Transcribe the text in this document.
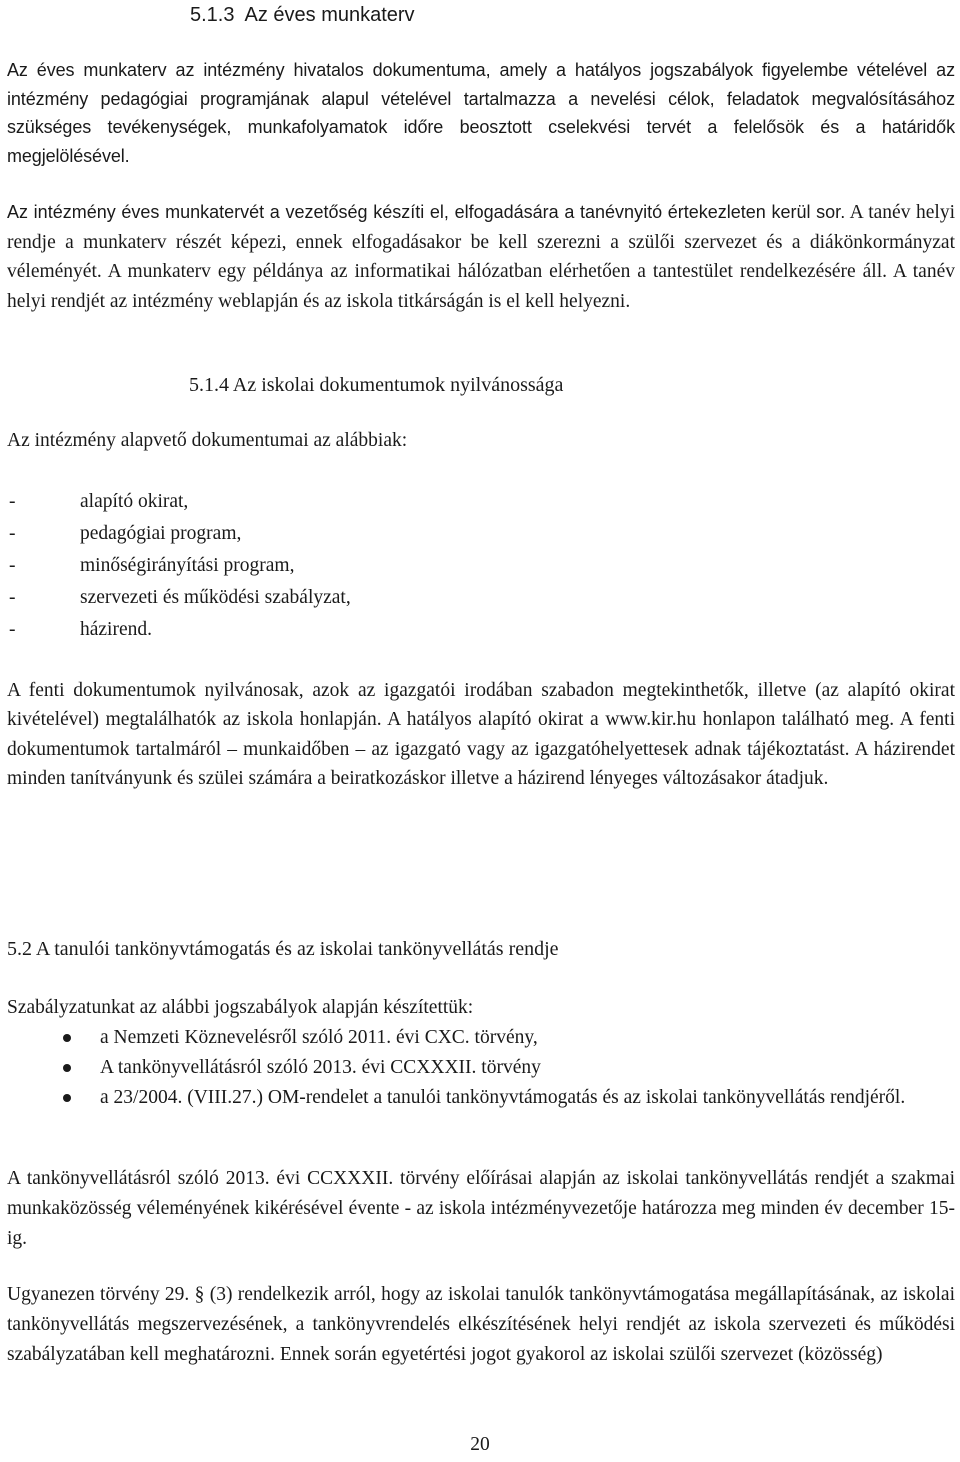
5.1.3  Az éves munkaterv

Az éves munkaterv az intézmény hivatalos dokumentuma, amely a hatályos jogszabályok figyelembe vételével az intézmény pedagógiai programjának alapul vételével tartalmazza a nevelési célok, feladatok megvalósításához szükséges tevékenységek, munkafolyamatok időre beosztott cselekvési tervét a felelősök és a határidők megjelölésével.

Az intézmény éves munkatervét a vezetőség készíti el, elfogadására a tanévnyitó értekezleten kerül sor. A tanév helyi rendje a munkaterv részét képezi, ennek elfogadásakor be kell szerezni a szülői szervezet és a diákönkormányzat véleményét. A munkaterv egy példánya az informatikai hálózatban elérhetően a tantestület rendelkezésére áll. A tanév helyi rendjét az intézmény weblapján és az iskola titkárságán is el kell helyezni.

5.1.4 Az iskolai dokumentumok nyilvánossága
Az intézmény alapvető dokumentumai az alábbiak:
-	alapító okirat,
-	pedagógiai program,
-	minőségirányítási program,
-	szervezeti és működési szabályzat,
-	házirend.

A fenti dokumentumok nyilvánosak, azok az igazgatói irodában szabadon megtekinthetők, illetve (az alapító okirat kivételével) megtalálhatók az iskola honlapján. A hatályos alapító okirat a www.kir.hu honlapon található meg. A fenti dokumentumok tartalmáról – munkaidőben – az igazgató vagy az igazgatóhelyettesek adnak tájékoztatást. A házirendet minden tanítványunk és szülei számára a beiratkozáskor illetve a házirend lényeges változásakor átadjuk.

5.2 A tanulói tankönyvtámogatás és az iskolai tankönyvellátás rendje
Szabályzatunkat az alábbi jogszabályok alapján készítettük:
a Nemzeti Köznevelésről szóló 2011. évi CXC. törvény,
A tankönyvellátásról szóló 2013. évi CCXXXII. törvény
a 23/2004. (VIII.27.) OM-rendelet a tanulói tankönyvtámogatás és az iskolai tankönyvellátás rendjéről.

A tankönyvellátásról szóló 2013. évi CCXXXII. törvény előírásai alapján az iskolai tankönyvellátás rendjét a szakmai munkaközösség véleményének kikérésével évente - az iskola intézményvezetője határozza meg minden év december 15-ig.

Ugyanezen törvény 29. § (3) rendelkezik arról, hogy az iskolai tanulók tankönyvtámogatása megállapításának, az iskolai tankönyvellátás megszervezésének, a tankönyvrendelés elkészítésének helyi rendjét az iskola szervezeti és működési szabályzatában kell meghatározni. Ennek során egyetértési jogot gyakorol az iskolai szülői szervezet (közösség)

20
